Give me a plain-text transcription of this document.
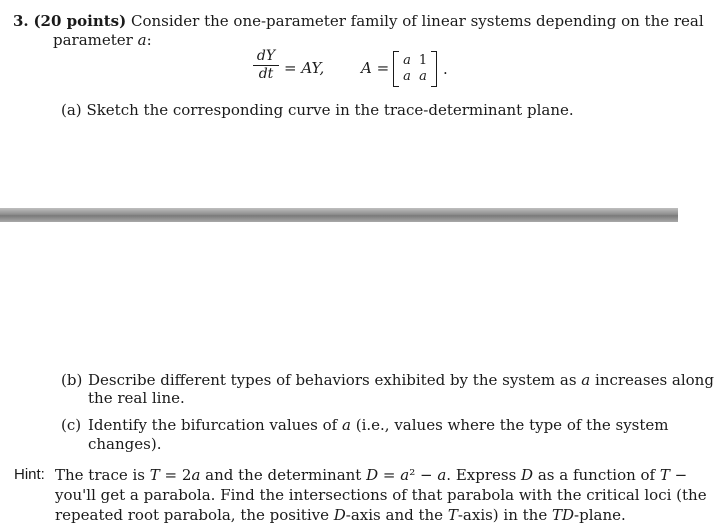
3. (20 points) Consider the one-parameter family of linear systems depending on the real
parameter a:
dY
dt = AY, A =	a 1
a a .
(a) Sketch the corresponding curve in the trace-determinant plane.
(b) Describe different types of behaviors exhibited by the system as a increases along
the real line.
(c) Identify the bifurcation values of a (i.e., values where the type of the system
changes).
Hint: The trace is T = 2a and the determinant D = a² − a. Express D as a function of T −
you'll get a parabola. Find the intersections of that parabola with the critical loci (the
repeated root parabola, the positive D-axis and the T-axis) in the TD-plane.
